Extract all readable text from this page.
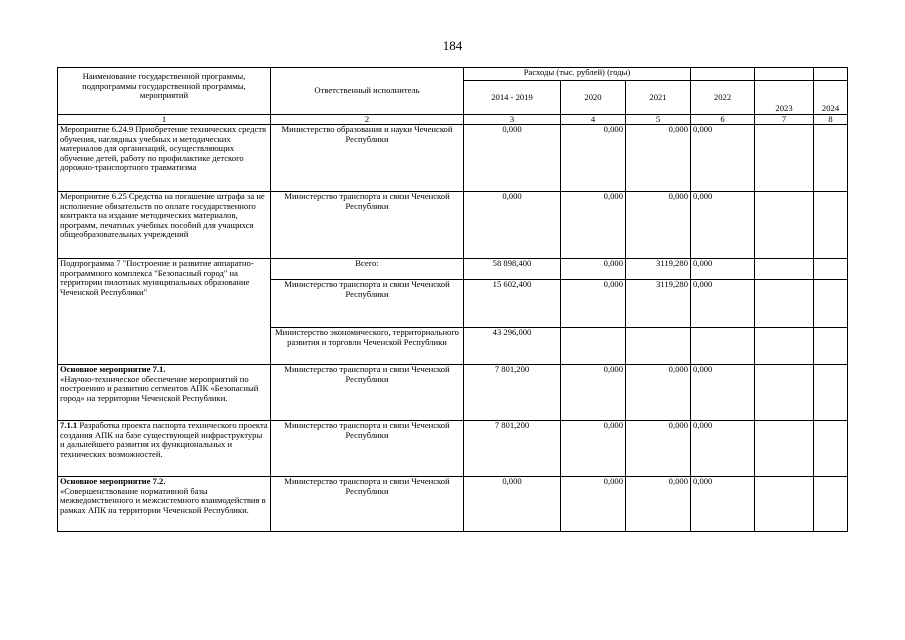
184
Наименование государственной программы, подпрограммы государственной программы, мероприятий	Ответственный исполнитель	Расходы (тыс. рублей) (годы)					
		2014 - 2019	2020	2021	2022	2023	2024
1	2	3	4	5	6	7	8
Мероприятие 6.24.9 Приобретение технических средств обучения, наглядных учебных и методических материалов для организаций, осуществляющих обучение детей, работу по профилактике детского дорожно-транспортного травматизма	Министерство образования и науки Чеченской Республики	0,000	0,000	0,000	0,000		
Мероприятие 6.25 Средства на погашение штрафа за не исполнение обязательств по оплате государственного контракта на издание методических материалов, программ, печатных учебных пособий для учащихся общеобразовательных учреждений	Министерство транспорта и связи Чеченской Республики	0,000	0,000	0,000	0,000		
Подпрограмма 7 "Построение и развитие аппаратно-программного комплекса "Безопасный город" на территории пилотных муниципальных образование Чеченской Республики"	Всего:	58 898,400	0,000	3119,280	0,000		
	Министерство транспорта и связи Чеченской Республики	15 602,400	0,000	3119,280	0,000		
	Министерство экономического, территориального развития и торговли Чеченской Республики	43 296,000					
Основное мероприятие 7.1.
«Научно-техническое обеспечение мероприятий по построению и развитию сегментов АПК «Безопасный город» на территории Чеченской Республики.	Министерство транспорта и связи Чеченской Республики	7 801,200	0,000	0,000	0,000		
7.1.1 Разработка проекта паспорта технического проекта создания АПК на базе существующей инфраструктуры и дальнейшего развития их функциональных и технических возможностей.	Министерство транспорта и связи Чеченской Республики	7 801,200	0,000	0,000	0,000		
Основное мероприятие 7.2.
«Совершенствование нормативной базы межведомственного и межсистемного взаимодействия в рамках АПК на территории Чеченской Республики.	Министерство транспорта и связи Чеченской Республики	0,000	0,000	0,000	0,000		
